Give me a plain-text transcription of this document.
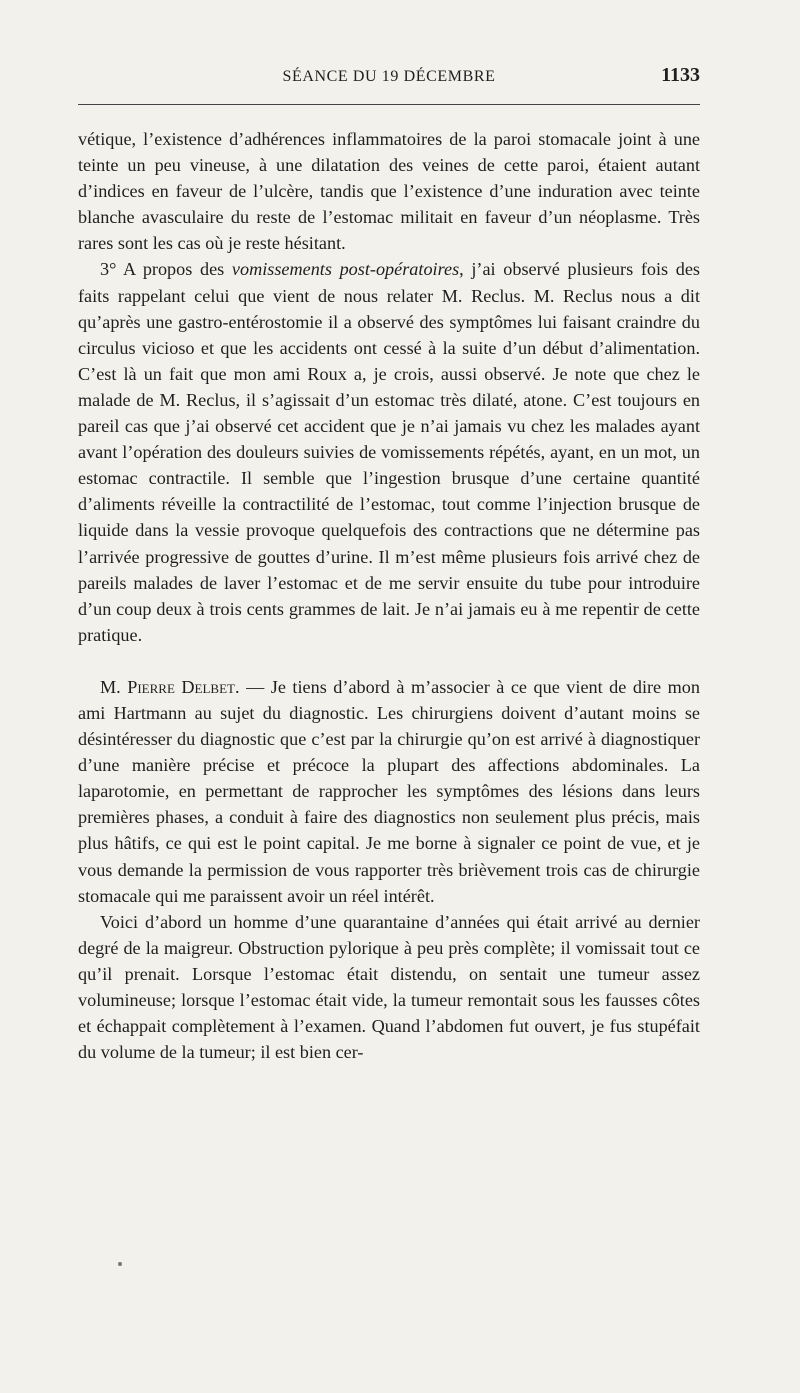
SÉANCE DU 19 DÉCEMBRE	1133

vétique, l’existence d’adhérences inflammatoires de la paroi stomacale joint à une teinte un peu vineuse, à une dilatation des veines de cette paroi, étaient autant d’indices en faveur de l’ulcère, tandis que l’existence d’une induration avec teinte blanche avasculaire du reste de l’estomac militait en faveur d’un néoplasme. Très rares sont les cas où je reste hésitant.

3° A propos des vomissements post-opératoires, j’ai observé plusieurs fois des faits rappelant celui que vient de nous relater M. Reclus. M. Reclus nous a dit qu’après une gastro-entérostomie il a observé des symptômes lui faisant craindre du circulus vicioso et que les accidents ont cessé à la suite d’un début d’alimentation. C’est là un fait que mon ami Roux a, je crois, aussi observé. Je note que chez le malade de M. Reclus, il s’agissait d’un estomac très dilaté, atone. C’est toujours en pareil cas que j’ai observé cet accident que je n’ai jamais vu chez les malades ayant avant l’opération des douleurs suivies de vomissements répétés, ayant, en un mot, un estomac contractile. Il semble que l’ingestion brusque d’une certaine quantité d’aliments réveille la contractilité de l’estomac, tout comme l’injection brusque de liquide dans la vessie provoque quelquefois des contractions que ne détermine pas l’arrivée progressive de gouttes d’urine. Il m’est même plusieurs fois arrivé chez de pareils malades de laver l’estomac et de me servir ensuite du tube pour introduire d’un coup deux à trois cents grammes de lait. Je n’ai jamais eu à me repentir de cette pratique.

M. Pierre Delbet. — Je tiens d’abord à m’associer à ce que vient de dire mon ami Hartmann au sujet du diagnostic. Les chirurgiens doivent d’autant moins se désintéresser du diagnostic que c’est par la chirurgie qu’on est arrivé à diagnostiquer d’une manière précise et précoce la plupart des affections abdominales. La laparotomie, en permettant de rapprocher les symptômes des lésions dans leurs premières phases, a conduit à faire des diagnostics non seulement plus précis, mais plus hâtifs, ce qui est le point capital. Je me borne à signaler ce point de vue, et je vous demande la permission de vous rapporter très brièvement trois cas de chirurgie stomacale qui me paraissent avoir un réel intérêt.

Voici d’abord un homme d’une quarantaine d’années qui était arrivé au dernier degré de la maigreur. Obstruction pylorique à peu près complète; il vomissait tout ce qu’il prenait. Lorsque l’estomac était distendu, on sentait une tumeur assez volumineuse; lorsque l’estomac était vide, la tumeur remontait sous les fausses côtes et échappait complètement à l’examen. Quand l’abdomen fut ouvert, je fus stupéfait du volume de la tumeur; il est bien cer-
